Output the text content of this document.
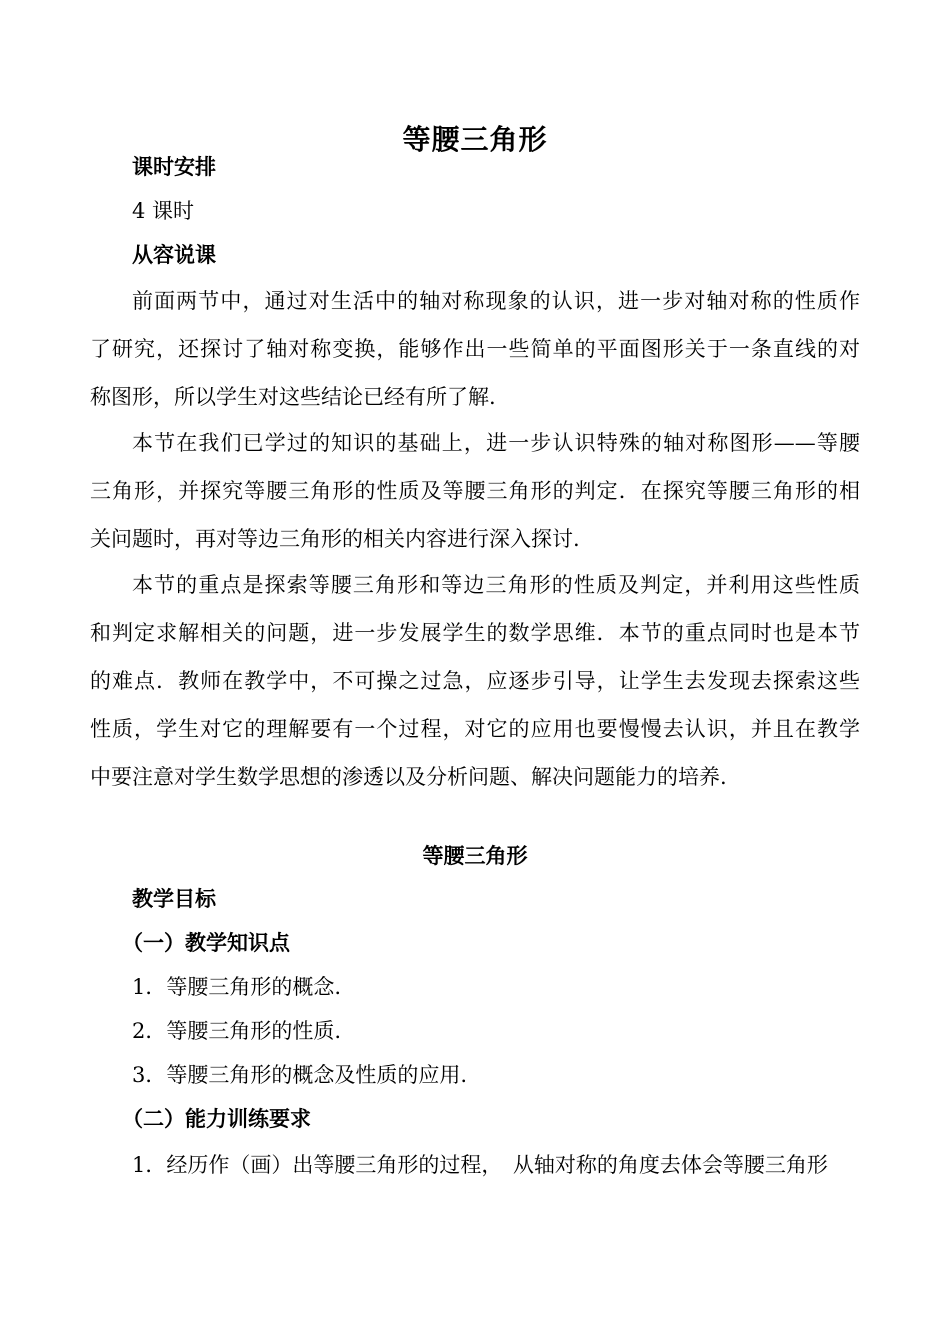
等腰三角形

课时安排

4 课时

从容说课

前面两节中，通过对生活中的轴对称现象的认识，进一步对轴对称的性质作

了研究，还探讨了轴对称变换，能够作出一些简单的平面图形关于一条直线的对

称图形，所以学生对这些结论已经有所了解.

本节在我们已学过的知识的基础上，进一步认识特殊的轴对称图形——等腰

三角形，并探究等腰三角形的性质及等腰三角形的判定．在探究等腰三角形的相

关问题时，再对等边三角形的相关内容进行深入探讨.

本节的重点是探索等腰三角形和等边三角形的性质及判定，并利用这些性质

和判定求解相关的问题，进一步发展学生的数学思维．本节的重点同时也是本节

的难点．教师在教学中，不可操之过急，应逐步引导，让学生去发现去探索这些

性质，学生对它的理解要有一个过程，对它的应用也要慢慢去认识，并且在教学

中要注意对学生数学思想的渗透以及分析问题、解决问题能力的培养.

等腰三角形

教学目标

（一）教学知识点

1．等腰三角形的概念.

2．等腰三角形的性质.

3．等腰三角形的概念及性质的应用.

（二）能力训练要求

1．经历作（画）出等腰三角形的过程，　从轴对称的角度去体会等腰三角形
